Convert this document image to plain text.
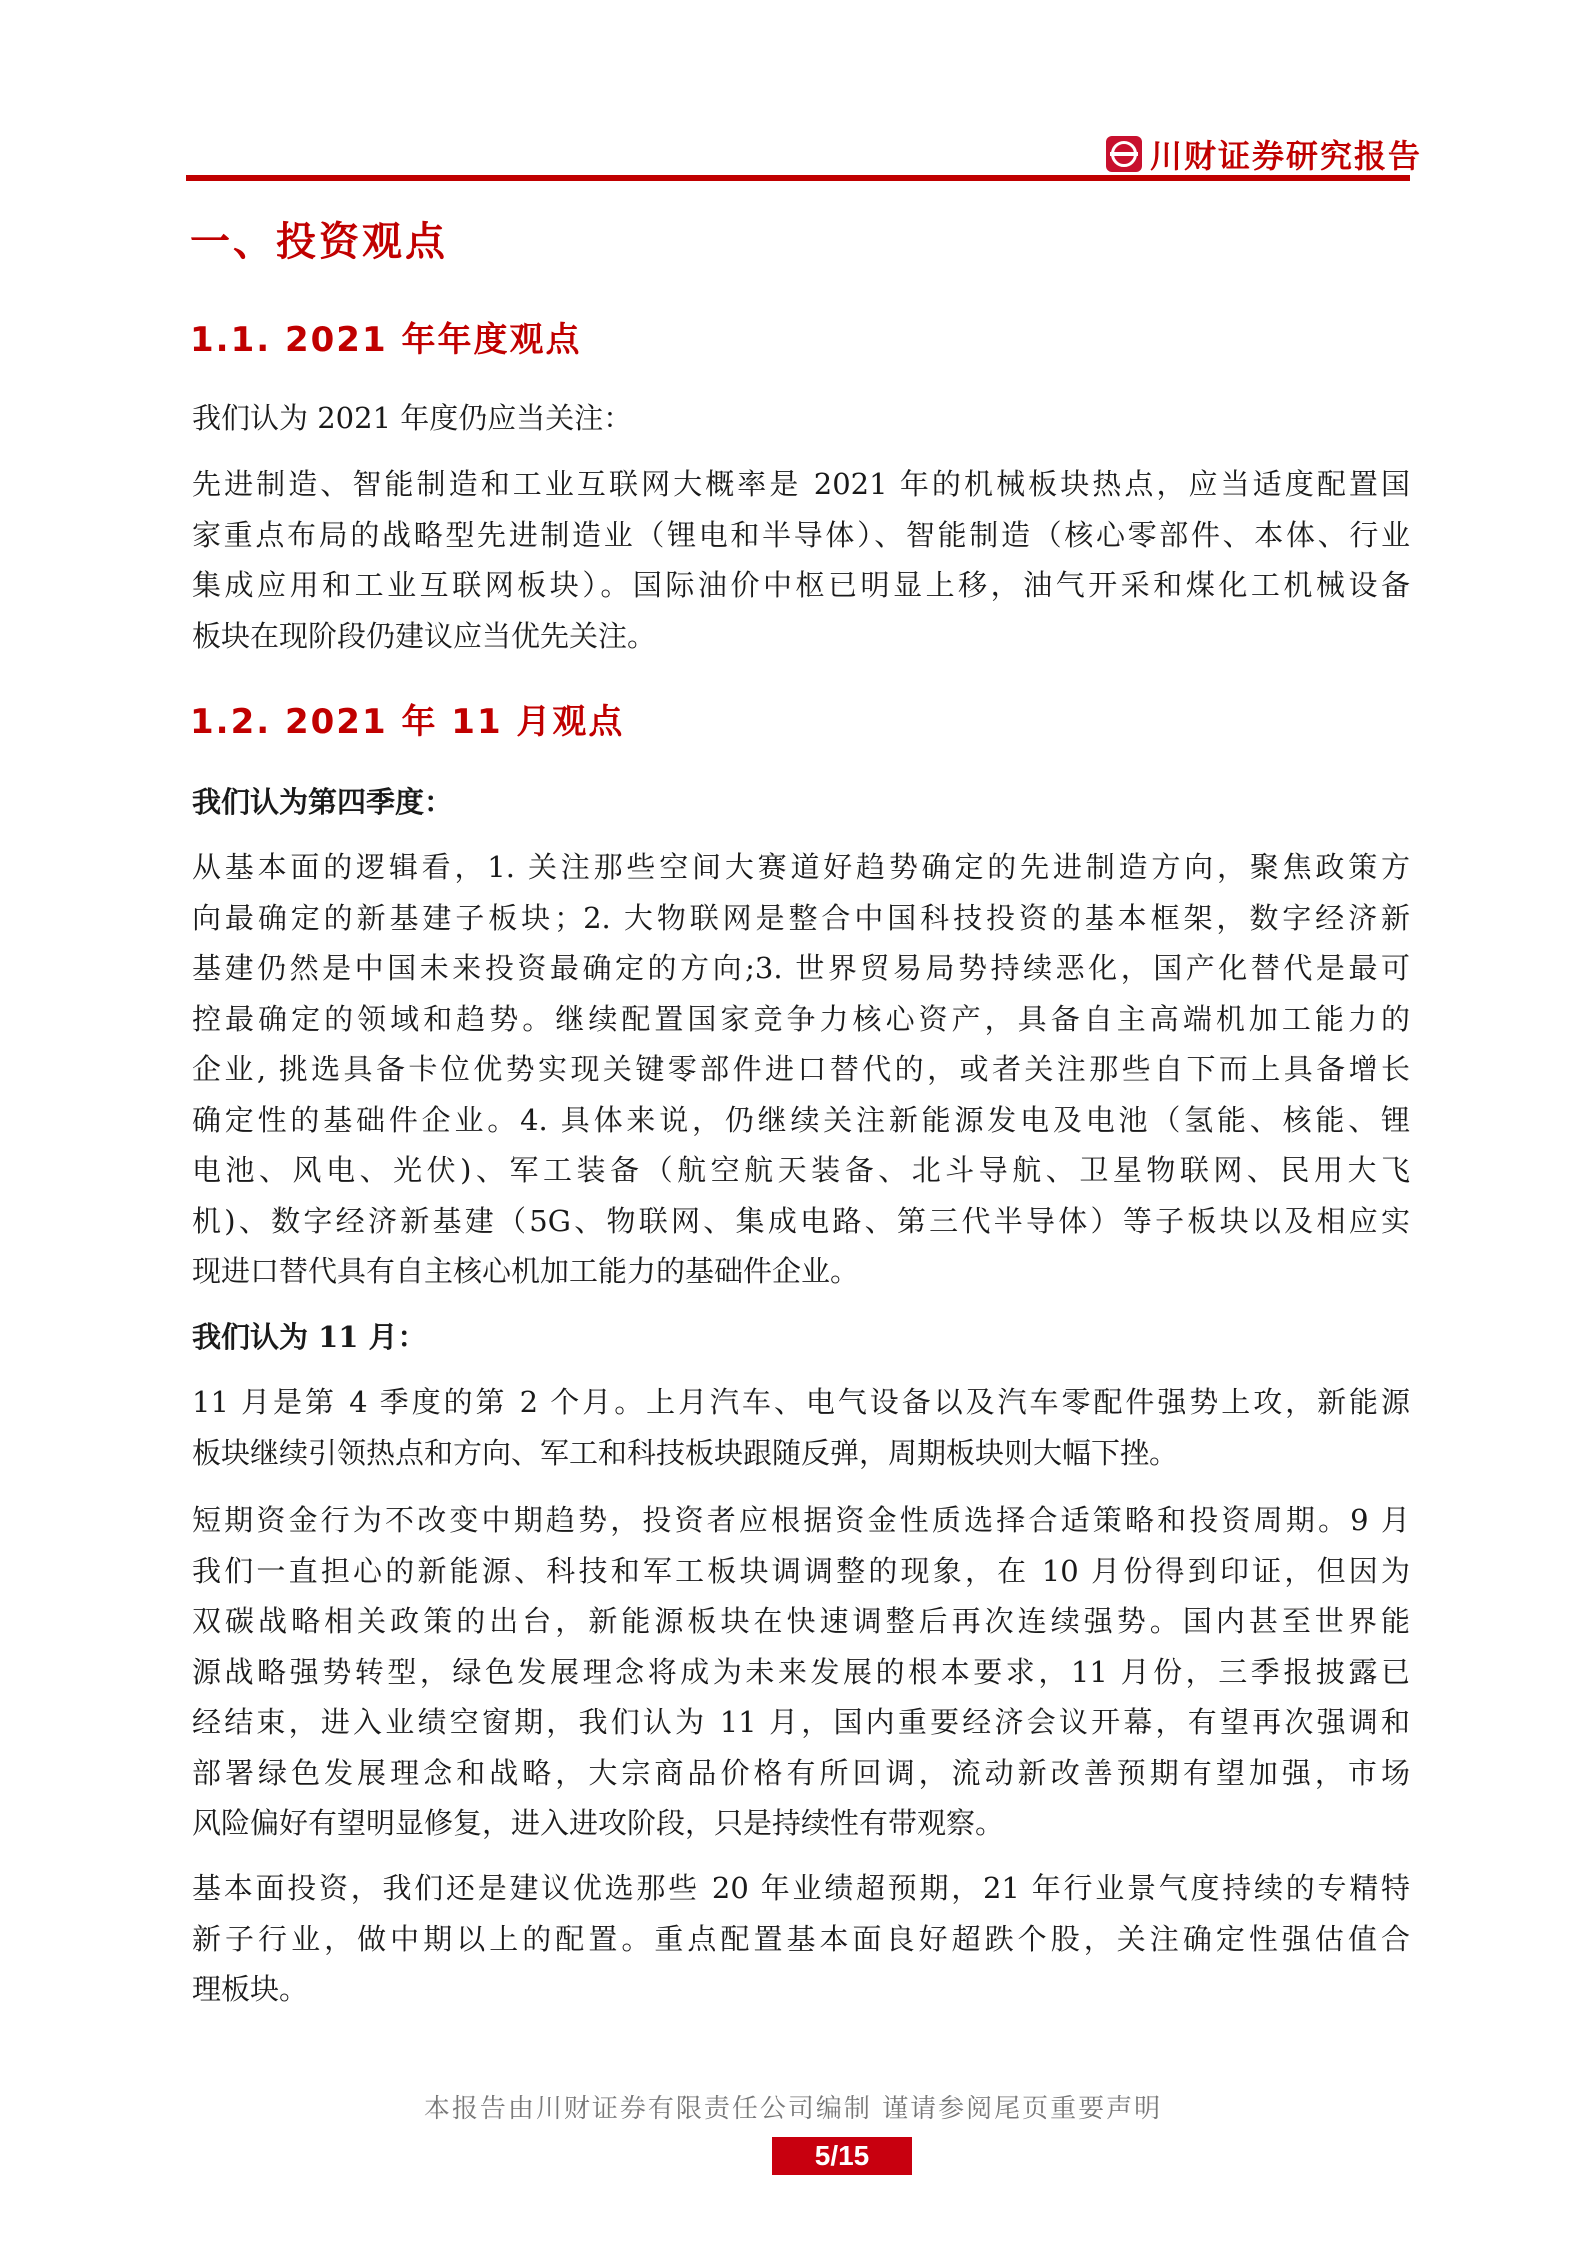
川财证券研究报告
一、投资观点
1.1. 2021 年年度观点
我们认为 2021 年度仍应当关注：
先进制造、智能制造和工业互联网大概率是 2021 年的机械板块热点，应当适度配置国
家重点布局的战略型先进制造业（锂电和半导体）、智能制造（核心零部件、本体、行业
集成应用和工业互联网板块）。国际油价中枢已明显上移，油气开采和煤化工机械设备
板块在现阶段仍建议应当优先关注。
1.2. 2021 年 11 月观点
我们认为第四季度：
从基本面的逻辑看，1. 关注那些空间大赛道好趋势确定的先进制造方向，聚焦政策方
向最确定的新基建子板块；2. 大物联网是整合中国科技投资的基本框架，数字经济新
基建仍然是中国未来投资最确定的方向;3. 世界贸易局势持续恶化，国产化替代是最可
控最确定的领域和趋势。继续配置国家竞争力核心资产，具备自主高端机加工能力的
企业, 挑选具备卡位优势实现关键零部件进口替代的，或者关注那些自下而上具备增长
确定性的基础件企业。4. 具体来说，仍继续关注新能源发电及电池（氢能、核能、锂
电池、风电、光伏)、军工装备（航空航天装备、北斗导航、卫星物联网、民用大飞
机)、数字经济新基建（5G、物联网、集成电路、第三代半导体）等子板块以及相应实
现进口替代具有自主核心机加工能力的基础件企业。
我们认为 11 月：
11 月是第 4 季度的第 2 个月。上月汽车、电气设备以及汽车零配件强势上攻，新能源
板块继续引领热点和方向、军工和科技板块跟随反弹，周期板块则大幅下挫。
短期资金行为不改变中期趋势，投资者应根据资金性质选择合适策略和投资周期。9 月
我们一直担心的新能源、科技和军工板块调调整的现象，在 10 月份得到印证，但因为
双碳战略相关政策的出台，新能源板块在快速调整后再次连续强势。国内甚至世界能
源战略强势转型，绿色发展理念将成为未来发展的根本要求，11 月份，三季报披露已
经结束，进入业绩空窗期，我们认为 11 月，国内重要经济会议开幕，有望再次强调和
部署绿色发展理念和战略，大宗商品价格有所回调，流动新改善预期有望加强，市场
风险偏好有望明显修复，进入进攻阶段，只是持续性有带观察。
基本面投资，我们还是建议优选那些 20 年业绩超预期，21 年行业景气度持续的专精特
新子行业，做中期以上的配置。重点配置基本面良好超跌个股，关注确定性强估值合
理板块。
本报告由川财证券有限责任公司编制 谨请参阅尾页重要声明
5/15
